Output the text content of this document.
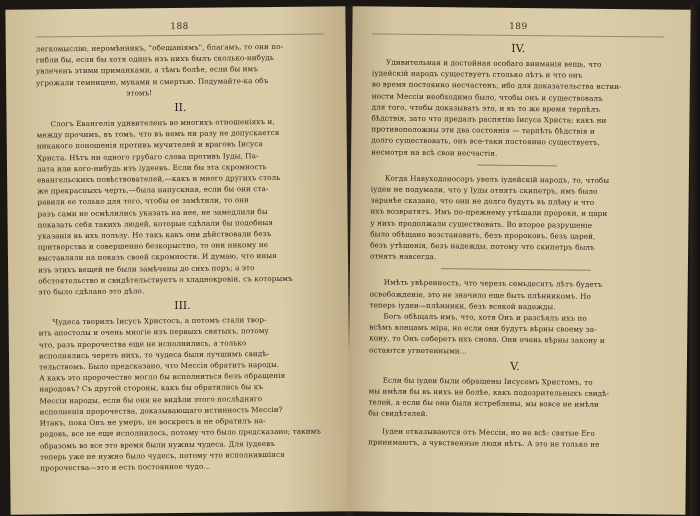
188

легкомыслію, неромѣнникъ, "обещаніямъ", благамъ, то они по-

гибли бы, если бы хотя одинъ изъ нихъ былъ сколько-нибудь

увлеченъ этими приманками, а тѣмъ болѣе, если бы имъ

угрожали темницею, муками и смертью. Подумайте-ка объ

этомъ!

II.

Слогъ Евангелія удивителенъ во многихъ отношеніяхъ и,

между прочимъ, въ томъ, что въ немъ ни разу не допускается

никакого поношенія противъ мучителей и враговъ Іисуса

Христа. Нѣтъ ни одного грубаго слова противъ Іуды, Па-

лата или кого-нибудь изъ іудеевъ. Если бы эта скромность

евангельскихъ повѣствователей,—какъ и много другихъ столь

же прекрасныхъ черть,—была напускная, если бы они ста-

равили ее только для того, чтобы ее замѣтили, то они

разъ сами не осмѣлились указать на нее, не замедлили бы

показать себя такихъ людей, которые сдѣлали бы подобныя

указанія въ ихъ пользу. Но такъ какъ они дѣйствовали безъ

притворства и совершенно безкорыстно, то они никому не

выставляли на показъ своей скромности. И думаю, что иныя

изъ этихъ вещей не были замѣчены до сихъ поръ; а это

обстоятельство и свидѣтельствуетъ о хладнокровіи, съ которымъ

это было сдѣлано это дѣло.

III.

Чудеса творилъ Іисусъ Христосъ, а потомъ стали твор-

ить апостолы и очень многіе изъ первыхъ святыхъ, потому

что, разъ пророчества еще не исполнились, а только

исполнялись черезъ нихъ, то чудеса были лучшимъ свидѣ-

тельствомъ. Было предсказано, что Мессія обратитъ народы.

А какъ это пророчество могло бы исполниться безъ обращенія

народовъ? Съ другой стороны, какъ бы обратились бы къ

Мессіи народы, если бы они не видѣли этого послѣдняго

исполненія пророчества, доказывающаго истинность Мессіи?

Итакъ, пока Онъ не умеръ, не воскресъ и не обратилъ на-

родовъ, все не еще исполнилось, потому что было предсказано; такимъ

образомъ во все это время были нужны чудеса. Для іудеевъ

теперь уже не нужно было чудесъ, потому что исполнившіяся

пророчества—это и есть постоянное чудо…

189
IV.

Удивительная и достойная особаго вниманія вещь, что

іудейскій народъ существуетъ столько лѣтъ и что онъ

во время постоянно несчастенъ, ибо для доказательства истин-

ности Мессіи необходимо было, чтобы онъ и существовалъ

для того, чтобы доказывать это, и въ то же время терпѣлъ

бѣдствія, зато что предалъ распятію Іисуса Христа; какъ ни

противоположны эти два состоянія — терпѣть бѣдствія и

долго существовать, онъ все-таки постоянно существуетъ,

несмотря на всѣ свои несчастія.

Когда Навуходоносоръ увелъ іудейскій народъ, то, чтобы

іудеи не подумали, что у Іуды отнятъ скипетръ, имъ было

заранѣе сказано, что они не долго будутъ въ плѣну и что

ихъ возвратятъ. Имъ по-прежнему утѣшали пророки, и цари

у нихъ продолжали существовать. Во второе разрушеніе

было обѣщано возстановить, безъ пророковъ, безъ царей,

безъ утѣшенія, безъ надежды, потому что скипетръ былъ

отнятъ навсегда.

Имѣть увѣренность, что черезъ семьдесятъ лѣтъ будетъ

освобожденіе, это не значило еще быть плѣнникомъ. Но

теперь іудеи—плѣнники, безъ всякой надежды.

Богъ обѣщалъ имъ, что, хотя Онъ и разсѣялъ ихъ по

всѣмъ концамъ міра, но если они будутъ вѣрны своему за-

кону, то Онъ соберетъ ихъ снова. Они очень вѣрны закону и

остаются угнетенными…

V.

Если бы іудеи были обращены Іисусомъ Христомъ, то

мы имѣли бы въ нихъ не болѣе, какъ подозрительныхъ свидѣ-

телей, а если бы они были истреблены, мы вовсе не имѣли

бы свидѣтелей.

Іудеи отказываются отъ Мессіи, но не всѣ: святые Его

принимаютъ, а чувственные люди нѣтъ. А это не только не
